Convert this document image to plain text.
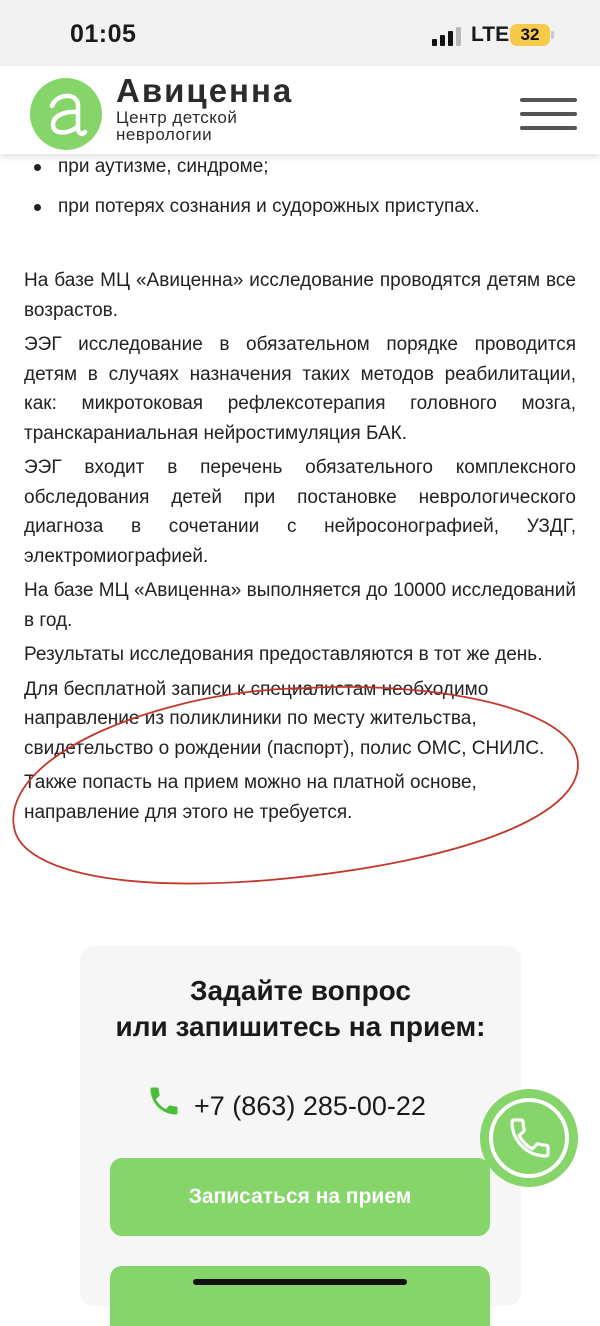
01:05	LTE 32
Авиценна
Центр детской
неврологии
при аутизме, синдроме;
при потерях сознания и судорожных приступах.

На базе МЦ «Авиценна» исследование проводятся детям все возрастов.

ЭЭГ исследование в обязательном порядке проводится детям в случаях назначения таких методов реабилитации, как: микротоковая рефлексотерапия головного мозга, транскараниальная нейростимуляция БАК.

ЭЭГ входит в перечень обязательного комплексного обследования детей при постановке неврологического диагноза в сочетании с нейросонографией, УЗДГ, электромиографией.

На базе МЦ «Авиценна» выполняется до 10000 исследований в год.

Результаты исследования предоставляются в тот же день.

Для бесплатной записи к специалистам необходимо направление из поликлиники по месту жительства, свидетельство о рождении (паспорт), полис ОМС, СНИЛС.

Также попасть на прием можно на платной основе, направление для этого не требуется.

Задайте вопрос
или запишитесь на прием:
+7 (863) 285-00-22
Записаться на прием
